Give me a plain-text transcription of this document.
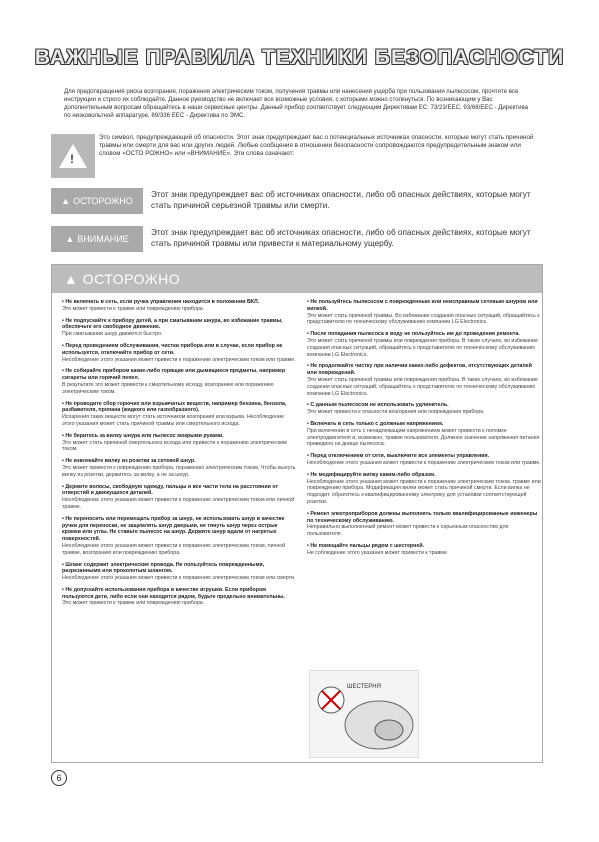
ВАЖНЫЕ ПРАВИЛА ТЕХНИКИ БЕЗОПАСНОСТИ
Для предотвращения риска возгорания, поражения электрическим током, получения травмы или нанесения ущерба при пользовании пылесосом, прочтите все инструкции и строго их соблюдайте. Данное руководство не включает все возможные условия, с которыми можно столкнуться. По возникающим у Вас дополнительным вопросам обращайтесь в наши сервисные центры. Данный прибор соответствует следующим Директивам ЕС: 73/23/EEC, 93/68/EEC - Директива по низковольтной аппаратуре, 89/336 EEC - Директива по ЭМС.
!
Это символ, предупреждающий об опасности. Этот знак предупреждает вас о потенциальных источниках опасности, которые могут стать причиной травмы или смерти для вас или других людей. Любые сообщения в отношении безопасности сопровождаются предупредительным знаком или словом «ОСТО РОЖНО» или «ВНИМАНИЕ». Эти слова означают:
▲ ОСТОРОЖНО
Этот знак предупреждает вас об источниках опасности, либо об опасных действиях, которые могут стать причиной серьезной травмы или смерти.
▲ ВНИМАНИЕ
Этот знак предупреждает вас об источниках опасности, либо об опасных действиях, которые могут стать причиной травмы или привести к материальному ущербу.
▲ ОСТОРОЖНО
• Не включать в сеть, если ручка управления находится в положении ВКЛ.
Это может привести к травме или повреждению прибора.
• Не подпускайте к прибору детей, а при сматывании шнура, во избежание травмы, обеспечьте его свободное движение.
При сматывании шнур движется быстро.
• Перед проведением обслуживания, чистки прибора или в случае, если прибор не используется, отключайте прибор от сети.
Несоблюдение этого указания может привести к поражению электрическим током или травме.
• Не собирайте прибором какие-либо горящие или дымящиеся предметы, например сигареты или горячий пепел.
В результате это может привести к смертельному исходу, возгоранию или поражению электрическим током.
• Не проводите сбор горючих или взрывчатых веществ, например бензина, бензола, разбавителя, пропана (жидкого или газообразного).
Испарения таких веществ могут стать источником возгорания или взрыва. Несоблюдение этого указания может стать причиной травмы или смертельного исхода.
• Не беритесь за вилку шнура или пылесос мокрыми руками.
Это может стать причиной смертельного исхода или привести к поражению электрическим током.
• Не извлекайте вилку из розетки за сетевой шнур.
Это может привести к повреждению прибора, поражению электрическим током. Чтобы вынуть вилку из розетки, держитесь за вилку, а не за шнур.
• Держите волосы, свободную одежду, пальцы и все части тела на расстоянии от отверстий и движущихся деталей.
Несоблюдение этого указания может привести к поражению электрическим током или личной травме.
• Не переносить или перемещать прибор за шнур, не использовать шнур в качестве ручки для переноски, не защемлять шнур дверьми, не тянуть шнур через острые кромки или углы. Не ставьте пылесос на шнур. Держите шнур вдали от нагретых поверхностей.
Несоблюдение этого указания может привести к поражению электрическим током, личной травме, возгоранию или повреждению прибора.
• Шланг содержит электрические провода. Не пользуйтесь поврежденными, разрезанными или проколотым шлангом.
Несоблюдение этого указания может привести к поражению электрическим током или смерти.
• Не допускайте использования прибора в качестве игрушки. Если прибором пользуются дети, либо если они находятся рядом, будьте предельно внимательны.
Это может привести к травме или повреждению прибора.
• Не пользуйтесь пылесосом с поврежденным или неисправным сетевым шнуром или вилкой.
Это может стать причиной травмы. Во избежание создания опасных ситуаций, обращайтесь к представителю по техническому обслуживанию компании LG Electronics.
• После попадания пылесоса в воду не пользуйтесь им до проведения ремонта.
Это может стать причиной травмы или повреждения прибора. В таких случаях, во избежание создания опасных ситуаций, обращайтесь к представителю по техническому обслуживанию компании LG Electronics.
• Не продолжайте чистку при наличии каких-либо дефектов, отсутствующих деталей или повреждений.
Это может стать причиной травмы или повреждения прибора. В таких случаях, во избежание создания опасных ситуаций, обращайтесь к представителю по техническому обслуживанию компании LG Electronics.
• С данным пылесосом не использовать удлинитель.
Это может привести к опасности возгорания или повреждения прибора.
• Включать в сеть только с должным напряжением.
При включении в сеть с ненадлежащим напряжением может привести к поломке электродвигателя и, возможно, травме пользователя. Должное значение напряжения питания приведено на днище пылесоса.
• Перед отключением от сети, выключите все элементы управления.
Несоблюдение этого указания может привести к поражению электрическим током или травме.
• Не модифицируйте вилку каким-либо образом.
Несоблюдение этого указания может привести к поражению электрическим током, травме или повреждению прибора. Модификация вилки может стать причиной смерти. Если вилка не подходит, обратитесь к квалифицированному электрику для установки соответствующей розетки.
• Ремонт электроприборов должны выполнять только квалифицированные инженеры по техническому обслуживанию.
Неправильно выполненный ремонт может привести к серьезным опасностям для пользователя.
• Не помещайте пальцы рядом с шестерней.
Не соблюдение этого указания может привести к травме.
ШЕСТЕРНЯ
6
